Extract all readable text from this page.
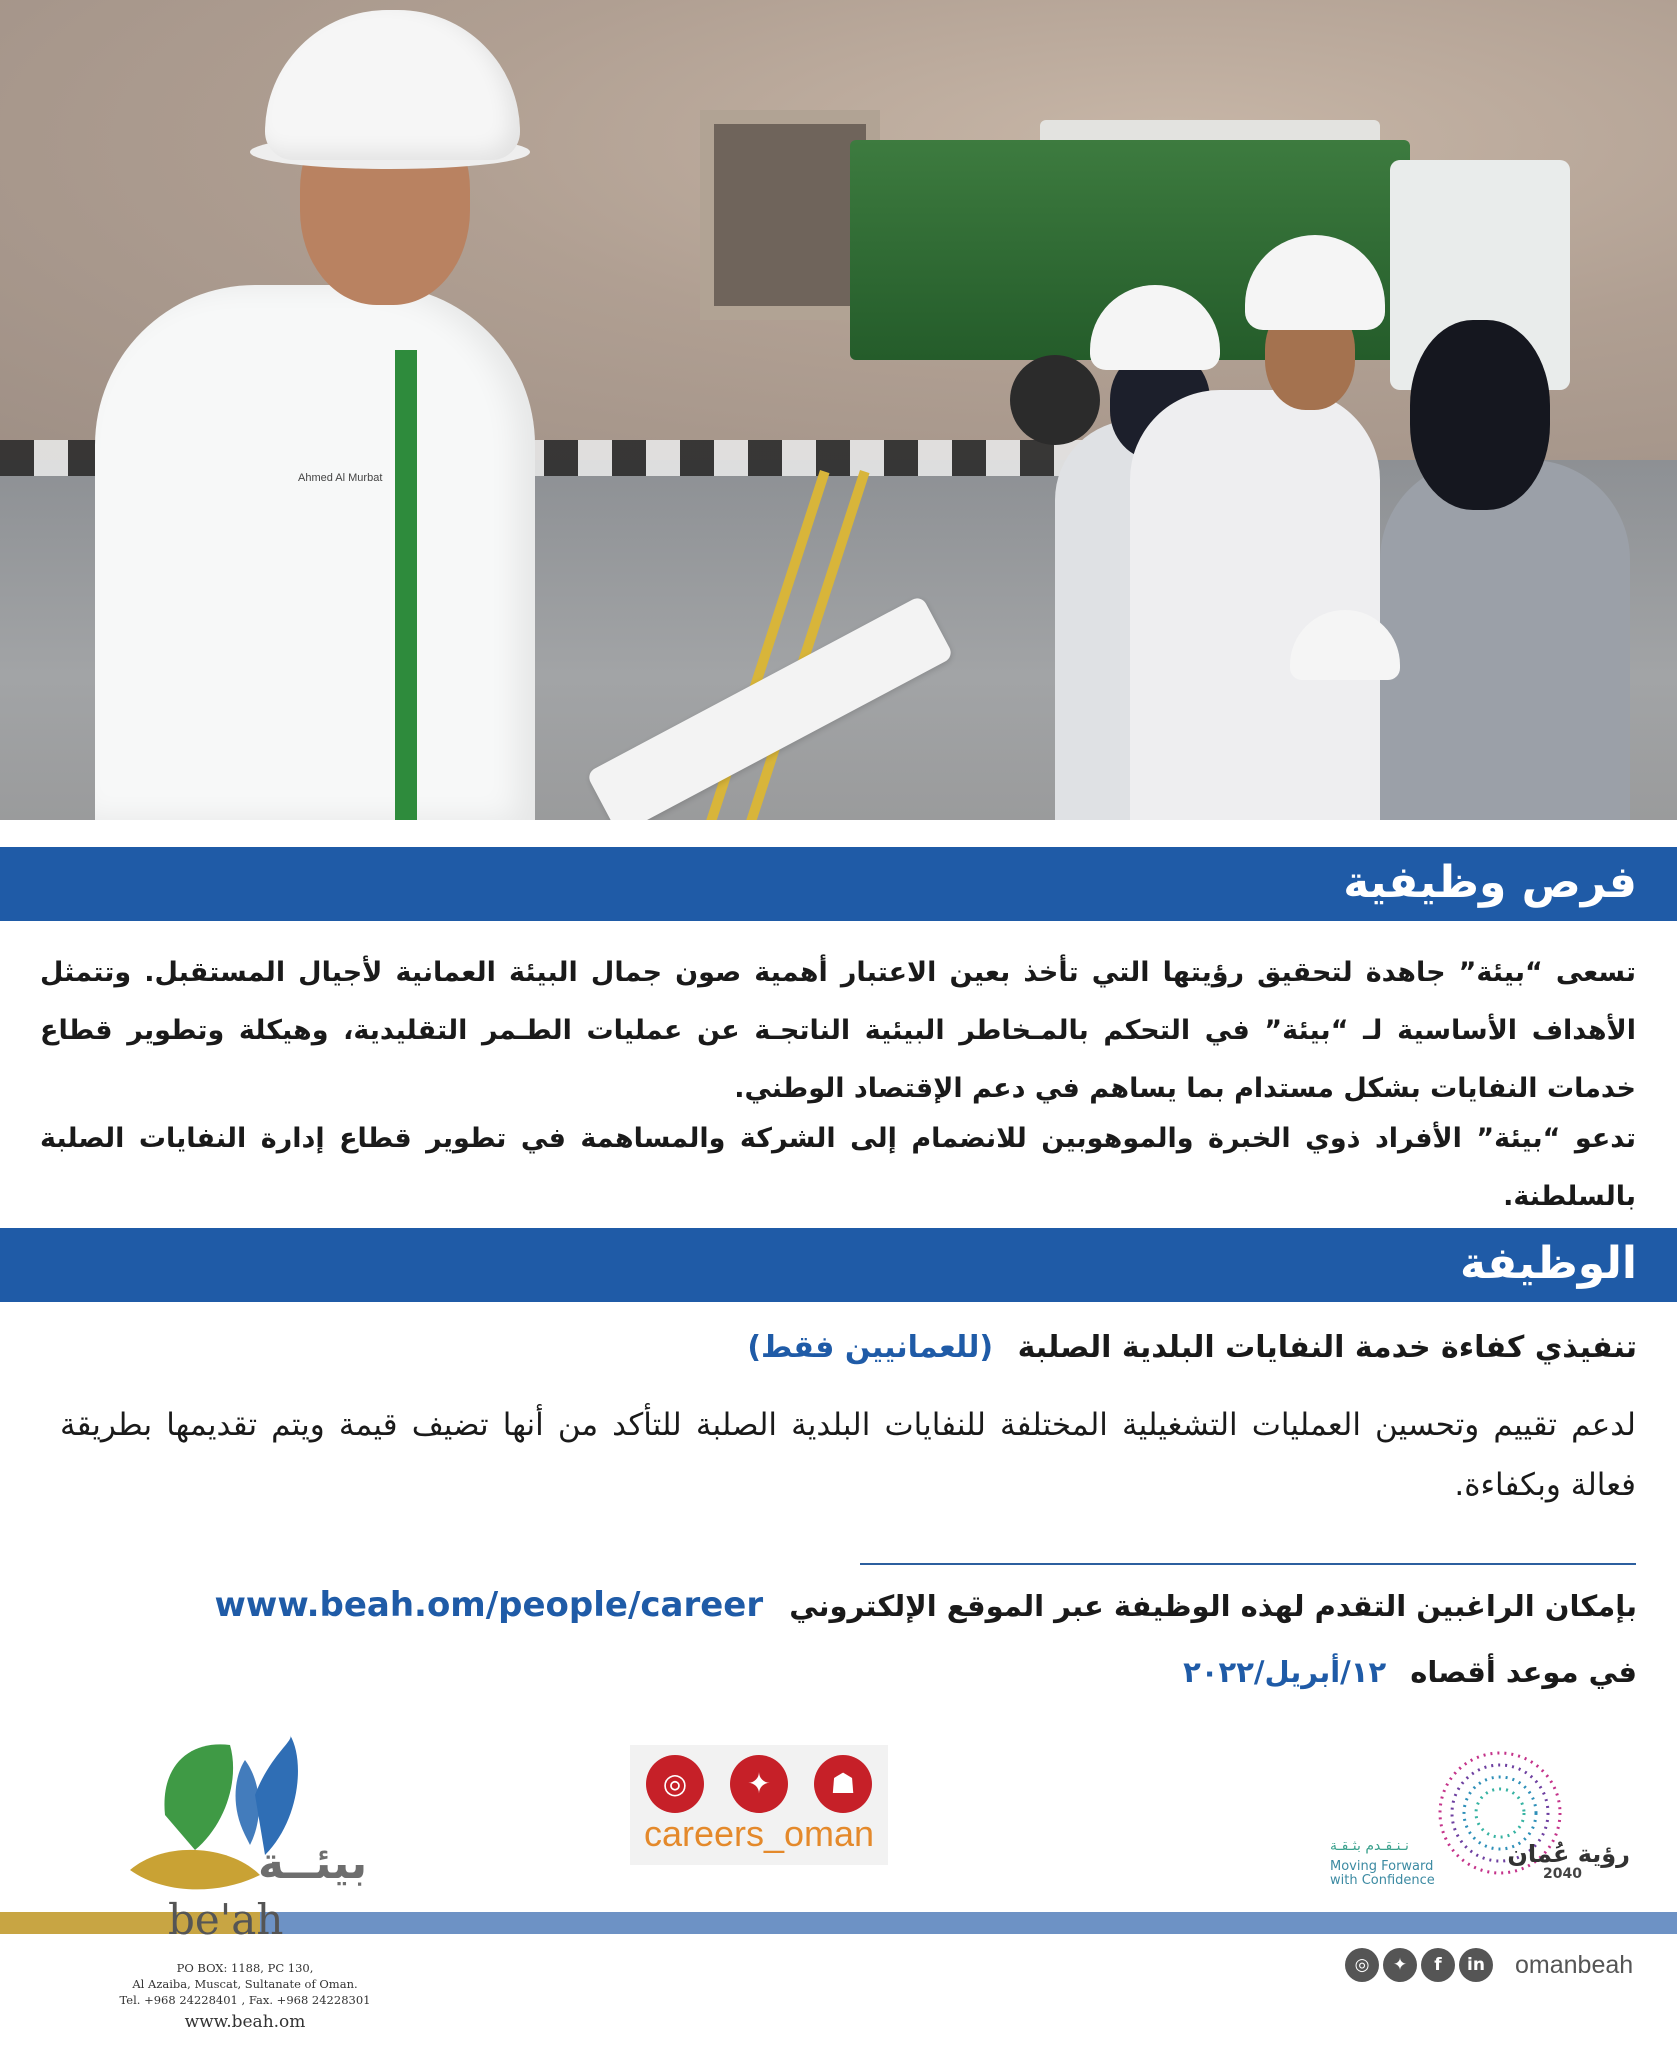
Ahmed Al Murbat
فرص وظيفية

تسعى “بيئة” جاهدة لتحقيق رؤيتها التي تأخذ بعين الاعتبار أهمية صون جمال البيئة العمانية لأجيال المستقبل. وتتمثل الأهداف الأساسية لـ “بيئة” في التحكم بالمـخاطر البيئية الناتجـة عن عمليات الطـمر التقليدية، وهيكلة وتطوير قطاع خدمات النفايات بشكل مستدام بما يساهم في دعم الإقتصاد الوطني.

تدعو “بيئة” الأفراد ذوي الخبرة والموهوبين للانضمام إلى الشركة والمساهمة في تطوير قطاع إدارة النفايات الصلبة بالسلطنة.

الوظيفة
تنفيذي كفاءة خدمة النفايات البلدية الصلبة (للعمانيين فقط)

لدعم تقييم وتحسين العمليات التشغيلية المختلفة للنفايات البلدية الصلبة للتأكد من أنها تضيف قيمة ويتم تقديمها بطريقة فعالة وبكفاءة.

بإمكان الراغبين التقدم لهذه الوظيفة عبر الموقع الإلكتروني www.beah.om/people/career
في موعد أقصاه ١٢/أبريل/٢٠٢٢
بيئــة
be'ah
PO BOX: 1188, PC 130,
Al Azaiba, Muscat, Sultanate of Oman.
Tel. +968 24228401 , Fax. +968 24228301
www.beah.om
◎	✦	☗
careers_oman	رؤية عُمان
2040
نـنـقـدم بثـقـة
Moving Forward with Confidence
◎	✦	f	in	omanbeah
